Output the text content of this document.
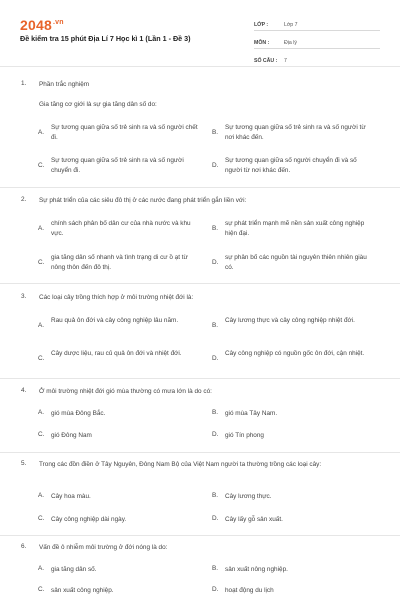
$2048^{.vn}$
Đề kiểm tra 15 phút Địa Lí 7 Học kì 1 (Lần 1 - Đề 3)
LỚP :	Lớp 7
MÔN :	Địa lý
SỐ CÂU :	7
1. Phần trắc nghiệm
Gia tăng cơ giới là sự gia tăng dân số do:
A.
Sự tương quan giữa số trẻ sinh ra và số người chết đi.
B.
Sự tương quan giữa số trẻ sinh ra và số người từ nơi khác đến.
C.
Sự tương quan giữa số trẻ sinh ra và số người chuyển đi.
D.
Sự tương quan giữa số người chuyển đi và số người từ nơi khác đến.
2. Sự phát triển của các siêu đô thị ở các nước đang phát triển gắn liền với:
A.
chính sách phân bố dân cư của nhà nước và khu vực.
B.
sự phát triển mạnh mẽ nền sản xuất công nghiệp hiện đại.
C.
gia tăng dân số nhanh và tình trạng di cư ồ ạt từ nông thôn đến đô thị.
D.
sự phân bố các nguồn tài nguyên thiên nhiên giàu có.
3. Các loại cây trồng thích hợp ở môi trường nhiệt đới là:
A.
Rau quả ôn đới và cây công nghiệp lâu năm.
B.
Cây lương thực và cây công nghiệp nhiệt đới.
C.
Cây dược liệu, rau củ quả ôn đới và nhiệt đới.
D.
Cây công nghiệp có nguồn gốc ôn đới, cận nhiệt.
4. Ở môi trường nhiệt đới gió mùa thường có mưa lớn là do có:
A. gió mùa Đông Bắc.	B. gió mùa Tây Nam.
C. gió Đông Nam	D. gió Tín phong
5. Trong các đồn điền ở Tây Nguyên, Đông Nam Bộ của Việt Nam người ta thường trồng các loại cây:
A. Cây hoa màu.	B. Cây lương thực.
C. Cây công nghiệp dài ngày.	D. Cây lấy gỗ sản xuất.
6. Vấn đề ô nhiễm môi trường ở đới nóng là do:
A. gia tăng dân số.	B. sản xuất nông nghiệp.
C. sản xuất công nghiệp.	D. hoạt động du lịch
